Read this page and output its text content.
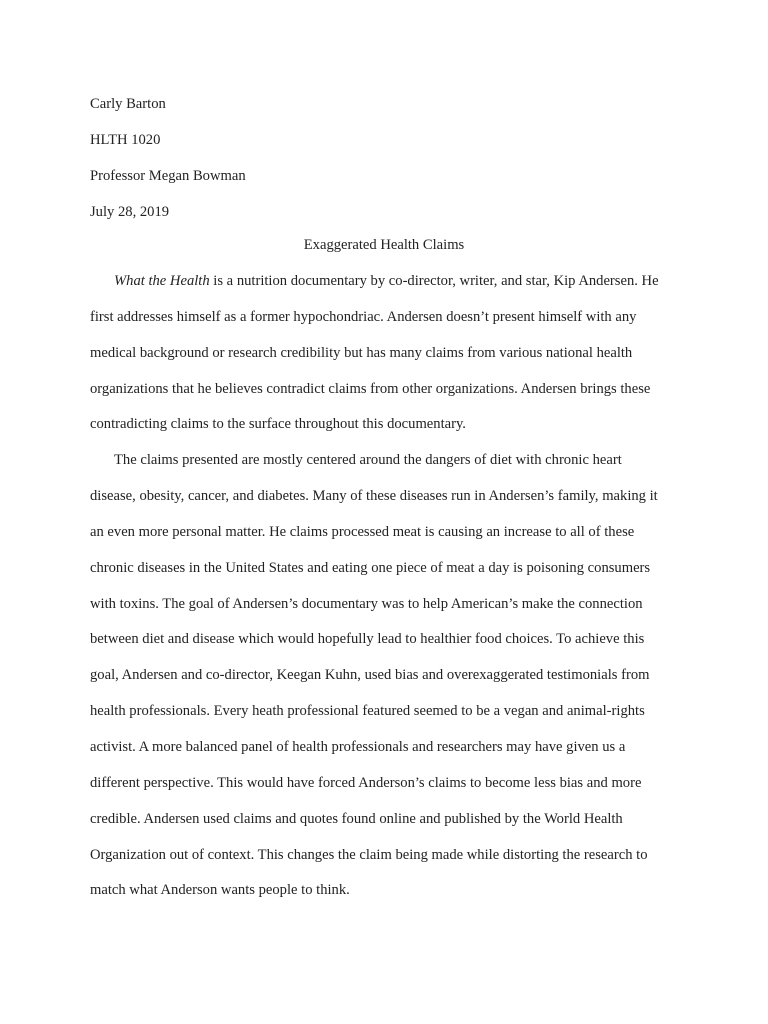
Carly Barton
HLTH 1020
Professor Megan Bowman
July 28, 2019
Exaggerated Health Claims
What the Health is a nutrition documentary by co-director, writer, and star, Kip Andersen. He
first addresses himself as a former hypochondriac. Andersen doesn’t present himself with any
medical background or research credibility but has many claims from various national health
organizations that he believes contradict claims from other organizations. Andersen brings these
contradicting claims to the surface throughout this documentary.
The claims presented are mostly centered around the dangers of diet with chronic heart
disease, obesity, cancer, and diabetes. Many of these diseases run in Andersen’s family, making it
an even more personal matter. He claims processed meat is causing an increase to all of these
chronic diseases in the United States and eating one piece of meat a day is poisoning consumers
with toxins. The goal of Andersen’s documentary was to help American’s make the connection
between diet and disease which would hopefully lead to healthier food choices. To achieve this
goal, Andersen and co-director, Keegan Kuhn, used bias and overexaggerated testimonials from
health professionals. Every heath professional featured seemed to be a vegan and animal-rights
activist. A more balanced panel of health professionals and researchers may have given us a
different perspective. This would have forced Anderson’s claims to become less bias and more
credible. Andersen used claims and quotes found online and published by the World Health
Organization out of context. This changes the claim being made while distorting the research to
match what Anderson wants people to think.
